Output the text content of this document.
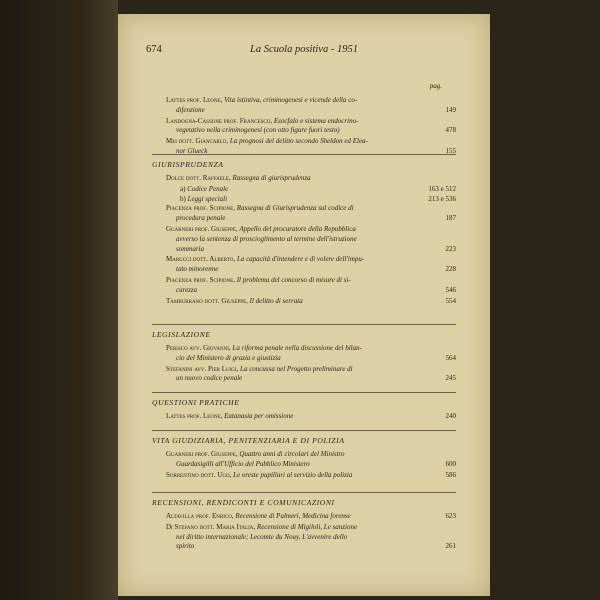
674	La Scuola positiva - 1951
pag.
Lattes prof. Leone, Vita istintiva, criminogenesi e vicende della co-
difenzione	149
Landogna-Cassone prof. Francesco, Esocfalo e sistema endocrino-
vegetativo nella criminogenesi (con otto figure fuori testo)	478
Mei dott. Giancarlo, La prognosi del delitto secondo Sheldon ed Elea-
nor Glueck	155
GIURISPRUDENZA
Dolce dott. Raffaele, Rassegna di giurisprudenza
a) Codice Penale	163 e 512
b) Leggi speciali	213 e 536
Piacenza prof. Scipione, Rassegna di Giurisprudenza sul codice di
procedura penale	187
Guarneri prof. Giuseppe, Appello del procuratore della Repubblica
avverso la sentenza di proscioglimento al termine dell'istruzione
sommaria	223
Marucci dott. Alberto, La capacità d'intendere e di volere dell'impu-
tato minorenne	228
Piacenza prof. Scipione, Il problema del concorso di misure di si-
curezza	546
Tamburrano dott. Giuseppe, Il delitto di serrata	554
LEGISLAZIONE
Persico avv. Giovanni, La riforma penale nella discussione del bilan-
cio del Ministero di grazia e giustizia	564
Stefanini avv. Pier Luigi, La concussa nel Progetto preliminare di
un nuovo codice penale	245
QUESTIONI PRATICHE
Lattes prof. Leone, Eutanasia per omissione	240
VITA GIUDIZIARIA, PENITENZIARIA E DI POLIZIA
Guarneri prof. Giuseppe, Quattro anni di circolari del Ministro
Guardasigilli all'Ufficio del Pubblico Ministero	600
Sorrentino dott. Ugo, Le oreste pupillari al servizio della polizia	586
RECENSIONI, RENDICONTI E COMUNICAZIONI
Altavilla prof. Enrico, Recensione di Palmeri, Medicina forense	623
Di Stefano dott. Maria Italia, Recensione di Migiloli, Le sanzione
nel diritto internazionale; Lecomte du Nouy, L'avvenire dello
spirito	261
